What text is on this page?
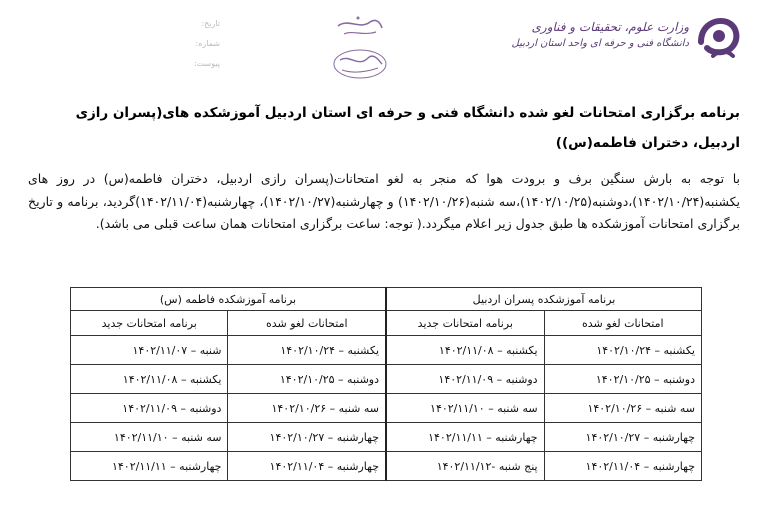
وزارت علوم، تحقیقات و فناوری
دانشگاه فنی و حرفه ای واحد استان اردبیل
تاریخ:
شماره:
پیوست:
برنامه برگزاری امتحانات لغو شده دانشگاه فنی و حرفه ای استان اردبیل آموزشکده های(پسران رازی اردبیل، دختران فاطمه(س))
با توجه به بارش سنگین برف و برودت هوا که منجر به لغو امتحانات(پسران رازی اردبیل، دختران فاطمه(س) در روز های یکشنبه(۱۴۰۲/۱۰/۲۴)،دوشنبه(۱۴۰۲/۱۰/۲۵)،سه شنبه(۱۴۰۲/۱۰/۲۶) و چهارشنبه(۱۴۰۲/۱۰/۲۷)، چهارشنبه(۱۴۰۲/۱۱/۰۴)گردید، برنامه و تاریخ برگزاری امتحانات آموزشکده ها طبق جدول زیر اعلام میگردد.( توجه: ساعت برگزاری امتحانات همان ساعت قبلی می باشد).
برنامه آموزشکده پسران اردبیل		برنامه آموزشکده فاطمه (س)	
امتحانات لغو شده	برنامه امتحانات جدید	امتحانات لغو شده	برنامه امتحانات جدید
یکشنبه – ۱۴۰۲/۱۰/۲۴	یکشنبه – ۱۴۰۲/۱۱/۰۸	یکشنبه – ۱۴۰۲/۱۰/۲۴	شنبه – ۱۴۰۲/۱۱/۰۷
دوشنبه – ۱۴۰۲/۱۰/۲۵	دوشنبه – ۱۴۰۲/۱۱/۰۹	دوشنبه – ۱۴۰۲/۱۰/۲۵	یکشنبه – ۱۴۰۲/۱۱/۰۸
سه شنبه – ۱۴۰۲/۱۰/۲۶	سه شنبه – ۱۴۰۲/۱۱/۱۰	سه شنبه – ۱۴۰۲/۱۰/۲۶	دوشنبه – ۱۴۰۲/۱۱/۰۹
چهارشنبه – ۱۴۰۲/۱۰/۲۷	چهارشنبه – ۱۴۰۲/۱۱/۱۱	چهارشنبه – ۱۴۰۲/۱۰/۲۷	سه شنبه – ۱۴۰۲/۱۱/۱۰
چهارشنبه – ۱۴۰۲/۱۱/۰۴	پنج شنبه -۱۴۰۲/۱۱/۱۲	چهارشنبه – ۱۴۰۲/۱۱/۰۴	چهارشنبه – ۱۴۰۲/۱۱/۱۱
